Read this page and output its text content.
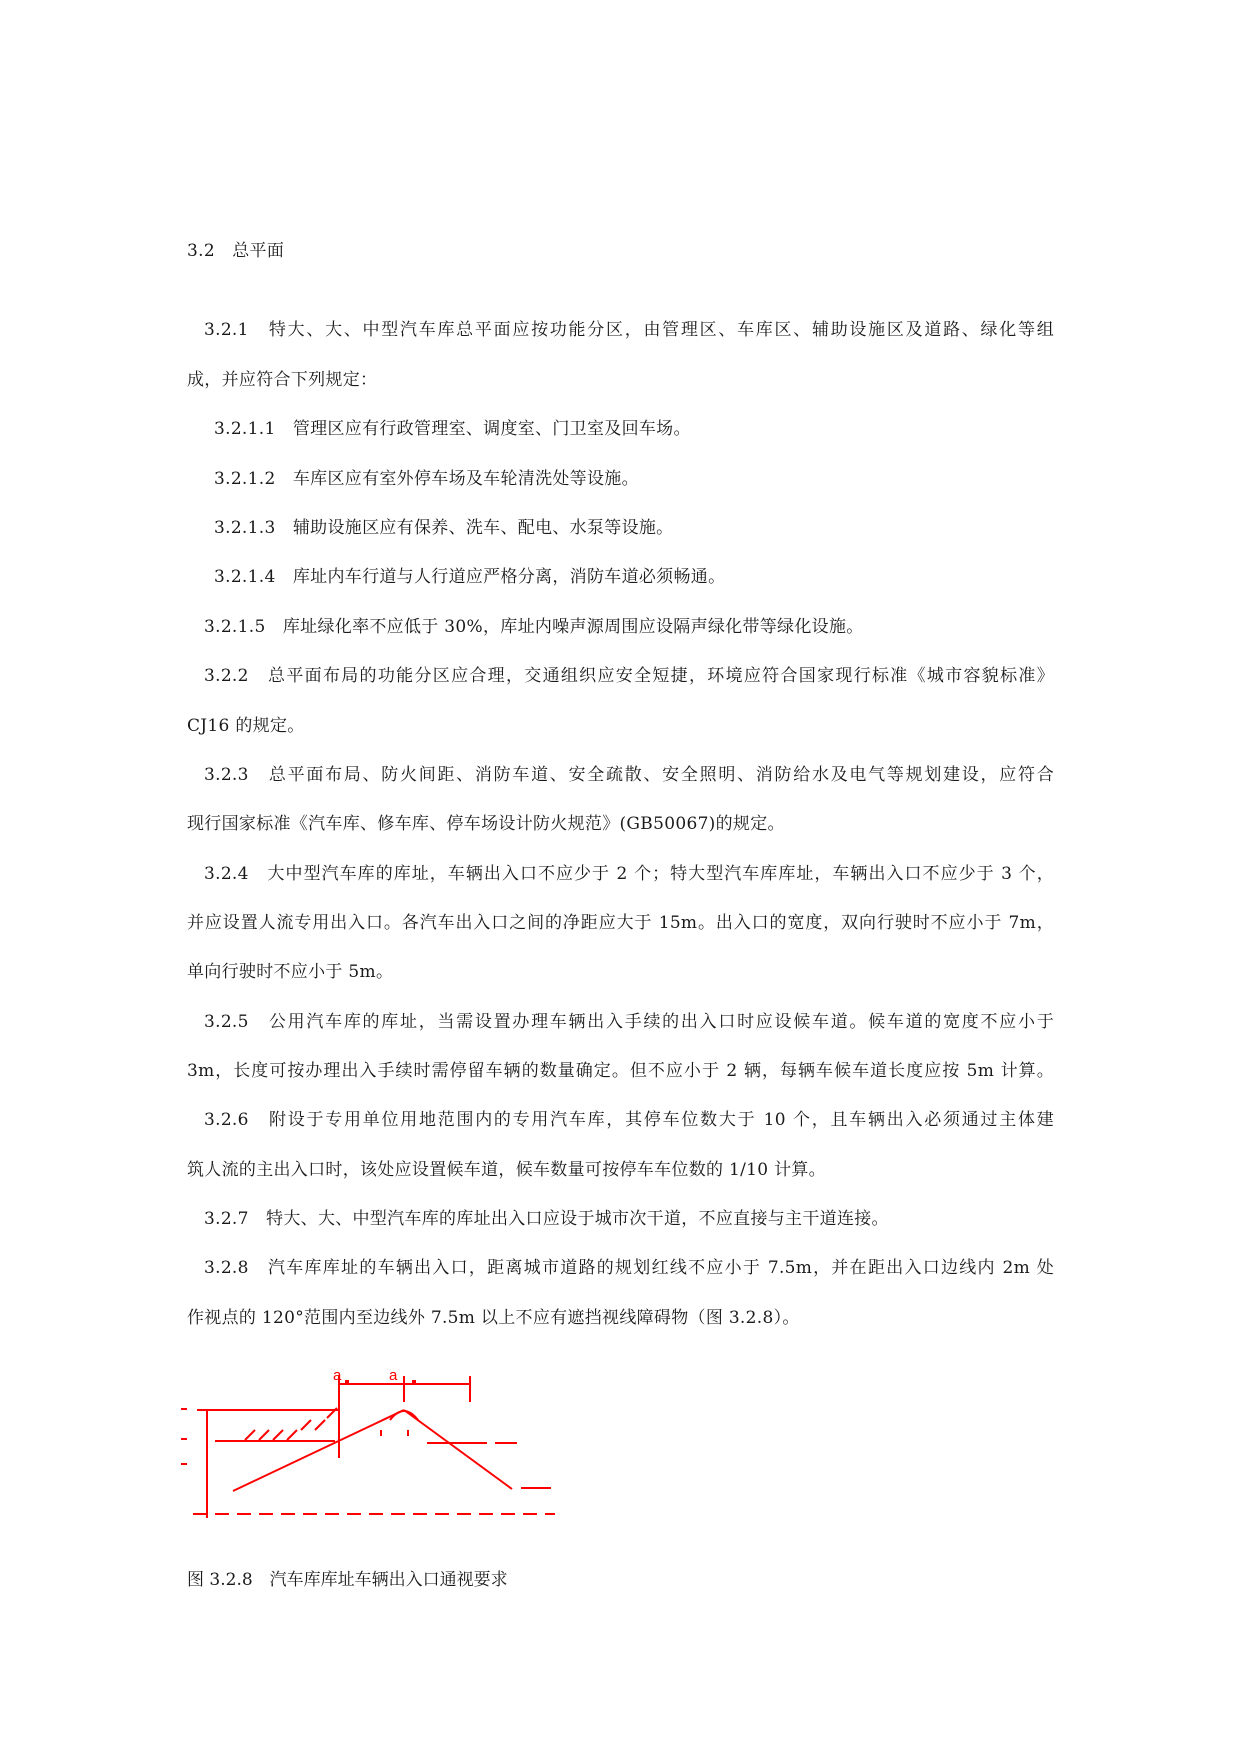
3.2　总平面
3.2.1　特大、大、中型汽车库总平面应按功能分区，由管理区、车库区、辅助设施区及道路、绿化等组
成，并应符合下列规定：
3.2.1.1　管理区应有行政管理室、调度室、门卫室及回车场。
3.2.1.2　车库区应有室外停车场及车轮清洗处等设施。
3.2.1.3　辅助设施区应有保养、洗车、配电、水泵等设施。
3.2.1.4　库址内车行道与人行道应严格分离，消防车道必须畅通。
3.2.1.5　库址绿化率不应低于 30%，库址内噪声源周围应设隔声绿化带等绿化设施。
3.2.2　总平面布局的功能分区应合理，交通组织应安全短捷，环境应符合国家现行标准《城市容貌标准》
CJ16 的规定。
3.2.3　总平面布局、防火间距、消防车道、安全疏散、安全照明、消防给水及电气等规划建设，应符合
现行国家标准《汽车库、修车库、停车场设计防火规范》(GB50067)的规定。
3.2.4　大中型汽车库的库址，车辆出入口不应少于 2 个；特大型汽车库库址，车辆出入口不应少于 3 个，
并应设置人流专用出入口。各汽车出入口之间的净距应大于 15m。出入口的宽度，双向行驶时不应小于 7m，
单向行驶时不应小于 5m。
3.2.5　公用汽车库的库址，当需设置办理车辆出入手续的出入口时应设候车道。候车道的宽度不应小于
3m，长度可按办理出入手续时需停留车辆的数量确定。但不应小于 2 辆，每辆车候车道长度应按 5m 计算。
3.2.6　附设于专用单位用地范围内的专用汽车库，其停车位数大于 10 个，且车辆出入必须通过主体建
筑人流的主出入口时，该处应设置候车道，候车数量可按停车车位数的 1/10 计算。
3.2.7　特大、大、中型汽车库的库址出入口应设于城市次干道，不应直接与主干道连接。
3.2.8　汽车库库址的车辆出入口，距离城市道路的规划红线不应小于 7.5m，并在距出入口边线内 2m 处
作视点的 120°范围内至边线外 7.5m 以上不应有遮挡视线障碍物（图 3.2.8）。
a	a
图 3.2.8　汽车库库址车辆出入口通视要求
